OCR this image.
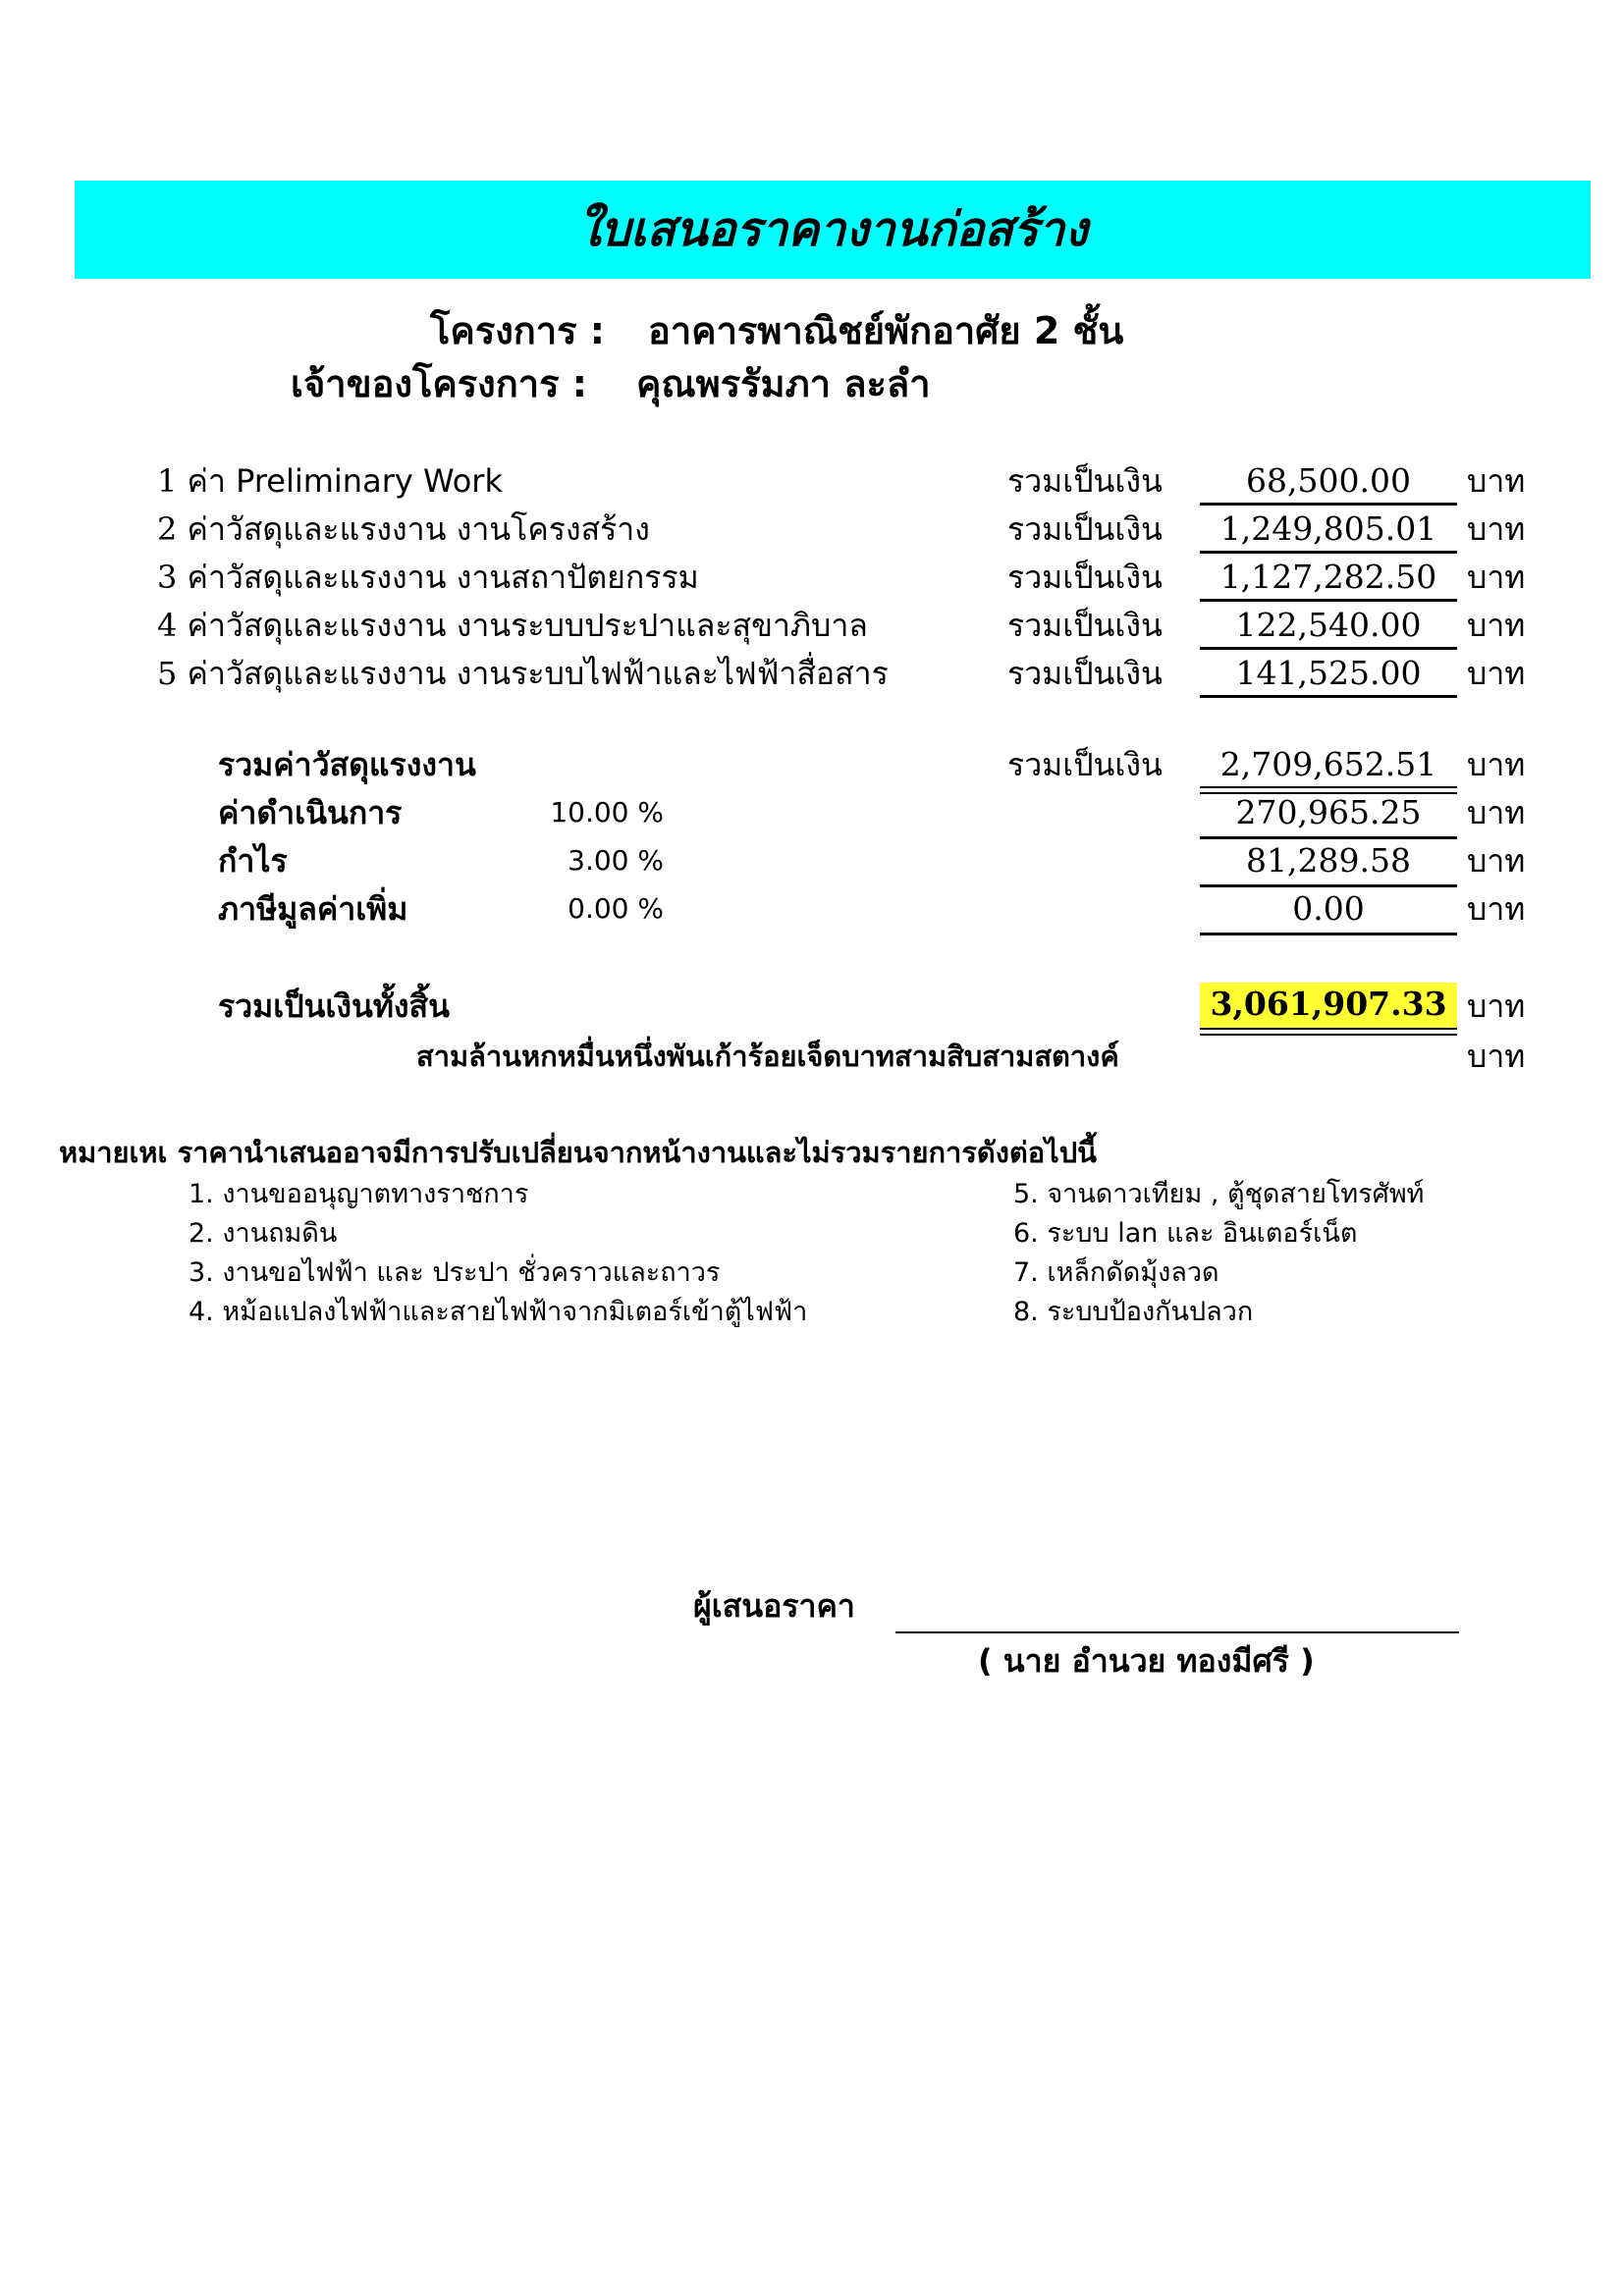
ใบเสนอราคางานก่อสร้าง
โครงการ : อาคารพาณิชย์พักอาศัย 2 ชั้น
เจ้าของโครงการ : คุณพรรัมภา ละลำ
1 ค่า Preliminary Work	รวมเป็นเงิน	68,500.00	บาท
2 ค่าวัสดุและแรงงาน งานโครงสร้าง	รวมเป็นเงิน	1,249,805.01 บาท
3 ค่าวัสดุและแรงงาน งานสถาปัตยกรรม	รวมเป็นเงิน	1,127,282.50 บาท
4 ค่าวัสดุและแรงงาน งานระบบประปาและสุขาภิบาล	รวมเป็นเงิน	122,540.00	บาท
5 ค่าวัสดุและแรงงาน งานระบบไฟฟ้าและไฟฟ้าสื่อสาร	รวมเป็นเงิน	141,525.00	บาท
รวมค่าวัสดุแรงงาน	รวมเป็นเงิน	2,709,652.51 บาท
ค่าดำเนินการ	10.00 %	270,965.25	บาท
กำไร	3.00 %	81,289.58	บาท
ภาษีมูลค่าเพิ่ม	0.00 %	0.00	บาท
รวมเป็นเงินทั้งสิ้น	3,061,907.33 บาท
สามล้านหกหมื่นหนึ่งพันเก้าร้อยเจ็ดบาทสามสิบสามสตางค์	บาท
หมายเหเ ราคานำเสนออาจมีการปรับเปลี่ยนจากหน้างานและไม่รวมรายการดังต่อไปนี้
1. งานขออนุญาตทางราชการ
2. งานถมดิน
3. งานขอไฟฟ้า และ ประปา ชั่วคราวและถาวร
4. หม้อแปลงไฟฟ้าและสายไฟฟ้าจากมิเตอร์เข้าตู้ไฟฟ้า
5. จานดาวเทียม , ตู้ชุดสายโทรศัพท์
6. ระบบ lan และ อินเตอร์เน็ต
7. เหล็กดัดมุ้งลวด
8. ระบบป้องกันปลวก
ผู้เสนอราคา
( นาย อำนวย ทองมีศรี )
